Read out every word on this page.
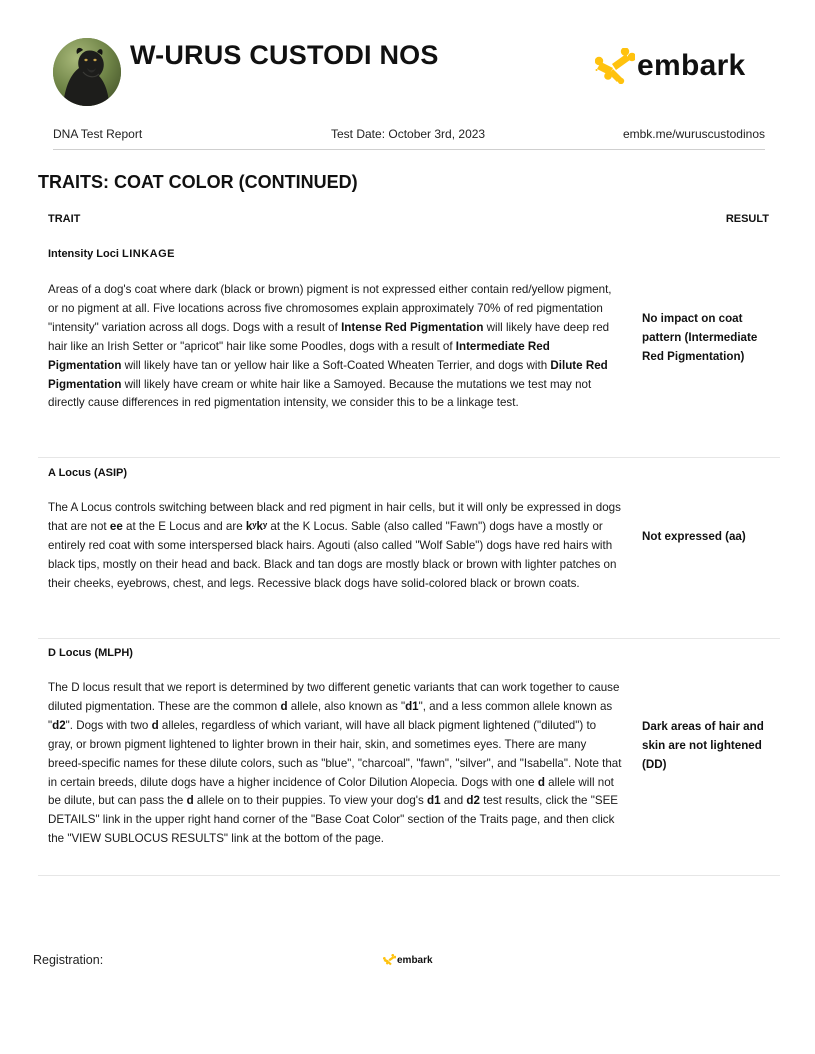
W-URUS CUSTODI NOS	embark
DNA Test Report	Test Date: October 3rd, 2023	embk.me/wuruscustodinos
TRAITS: COAT COLOR (CONTINUED)
TRAIT	RESULT
Intensity Loci LINKAGE
Areas of a dog's coat where dark (black or brown) pigment is not expressed either contain red/yellow pigment, or no pigment at all. Five locations across five chromosomes explain approximately 70% of red pigmentation "intensity" variation across all dogs. Dogs with a result of Intense Red Pigmentation will likely have deep red hair like an Irish Setter or "apricot" hair like some Poodles, dogs with a result of Intermediate Red Pigmentation will likely have tan or yellow hair like a Soft-Coated Wheaten Terrier, and dogs with Dilute Red Pigmentation will likely have cream or white hair like a Samoyed. Because the mutations we test may not directly cause differences in red pigmentation intensity, we consider this to be a linkage test.
No impact on coat pattern (Intermediate Red Pigmentation)
A Locus (ASIP)
The A Locus controls switching between black and red pigment in hair cells, but it will only be expressed in dogs that are not ee at the E Locus and are kʸkʸ at the K Locus. Sable (also called "Fawn") dogs have a mostly or entirely red coat with some interspersed black hairs. Agouti (also called "Wolf Sable") dogs have red hairs with black tips, mostly on their head and back. Black and tan dogs are mostly black or brown with lighter patches on their cheeks, eyebrows, chest, and legs. Recessive black dogs have solid-colored black or brown coats.
Not expressed (aa)
D Locus (MLPH)
The D locus result that we report is determined by two different genetic variants that can work together to cause diluted pigmentation. These are the common d allele, also known as "d1", and a less common allele known as "d2". Dogs with two d alleles, regardless of which variant, will have all black pigment lightened ("diluted") to gray, or brown pigment lightened to lighter brown in their hair, skin, and sometimes eyes. There are many breed-specific names for these dilute colors, such as "blue", "charcoal", "fawn", "silver", and "Isabella". Note that in certain breeds, dilute dogs have a higher incidence of Color Dilution Alopecia. Dogs with one d allele will not be dilute, but can pass the d allele on to their puppies. To view your dog's d1 and d2 test results, click the "SEE DETAILS" link in the upper right hand corner of the "Base Coat Color" section of the Traits page, and then click the "VIEW SUBLOCUS RESULTS" link at the bottom of the page.
Dark areas of hair and skin are not lightened (DD)
Registration:	embark
